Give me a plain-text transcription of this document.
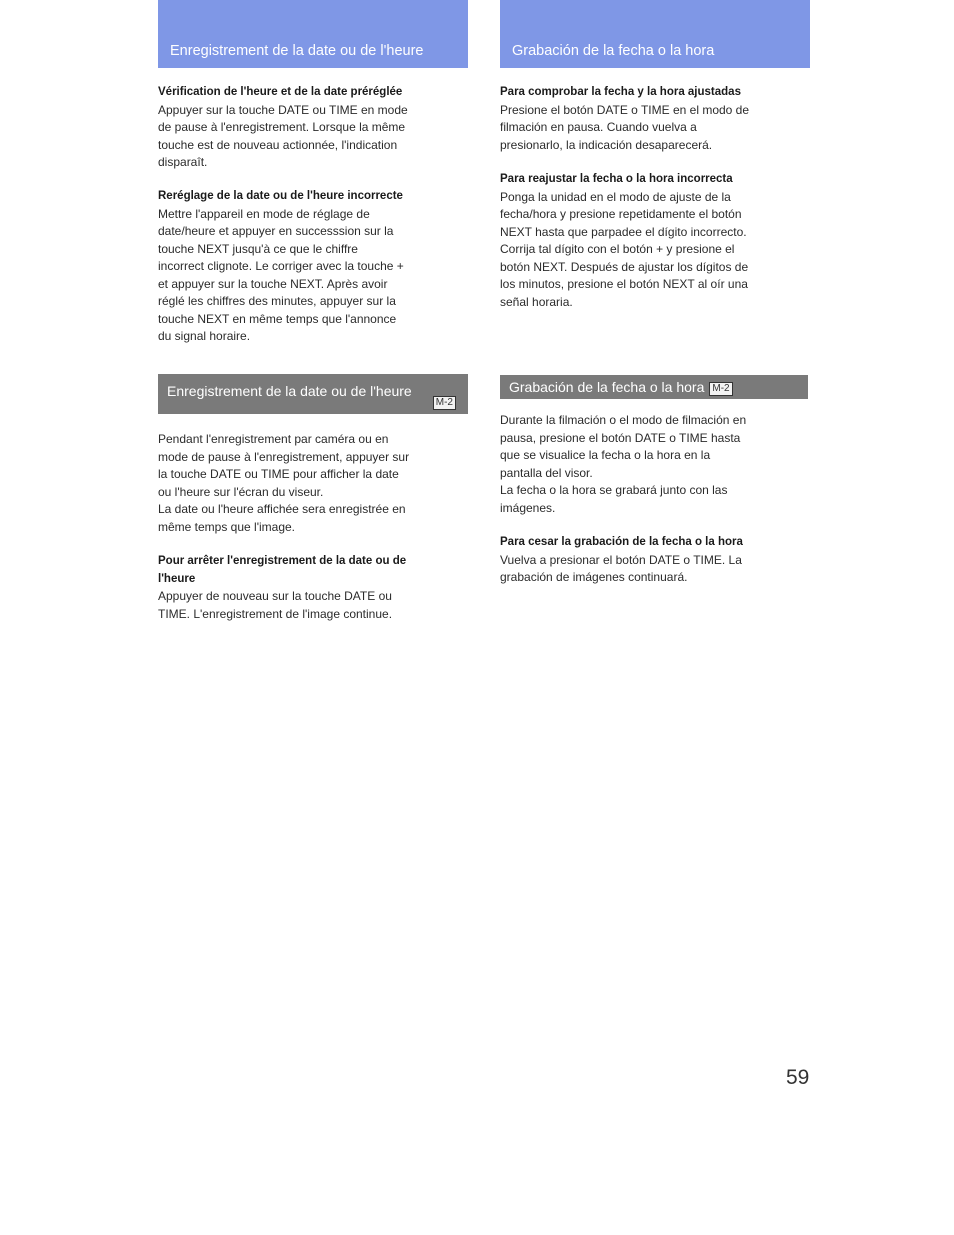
Enregistrement de la date ou de l'heure
Vérification de l'heure et de la date préréglée

Appuyer sur la touche DATE ou TIME en mode

de pause à l'enregistrement. Lorsque la même

touche est de nouveau actionnée, l'indication

disparaît.

Reréglage de la date ou de l'heure incorrecte

Mettre l'appareil en mode de réglage de

date/heure et appuyer en successsion sur la

touche NEXT jusqu'à ce que le chiffre

incorrect clignote. Le corriger avec la touche +

et appuyer sur la touche NEXT. Après avoir

réglé les chiffres des minutes, appuyer sur la

touche NEXT en même temps que l'annonce

du signal horaire.

Enregistrement de la date ou de l'heure
M-2

Pendant l'enregistrement par caméra ou en

mode de pause à l'enregistrement, appuyer sur

la touche DATE ou TIME pour afficher la date

ou l'heure sur l'écran du viseur.

La date ou l'heure affichée sera enregistrée en

même temps que l'image.

Pour arrêter l'enregistrement de la date ou de
l'heure

Appuyer de nouveau sur la touche DATE ou

TIME. L'enregistrement de l'image continue.

Grabación de la fecha o la hora
Para comprobar la fecha y la hora ajustadas

Presione el botón DATE o TIME en el modo de

filmación en pausa. Cuando vuelva a

presionarlo, la indicación desaparecerá.

Para reajustar la fecha o la hora incorrecta

Ponga la unidad en el modo de ajuste de la

fecha/hora y presione repetidamente el botón

NEXT hasta que parpadee el dígito incorrecto.

Corrija tal dígito con el botón + y presione el

botón NEXT. Después de ajustar los dígitos de

los minutos, presione el botón NEXT al oír una

señal horaria.

Grabación de la fecha o la hora M-2

Durante la filmación o el modo de filmación en

pausa, presione el botón DATE o TIME hasta

que se visualice la fecha o la hora en la

pantalla del visor.

La fecha o la hora se grabará junto con las

imágenes.

Para cesar la grabación de la fecha o la hora

Vuelva a presionar el botón DATE o TIME. La

grabación de imágenes continuará.

59
